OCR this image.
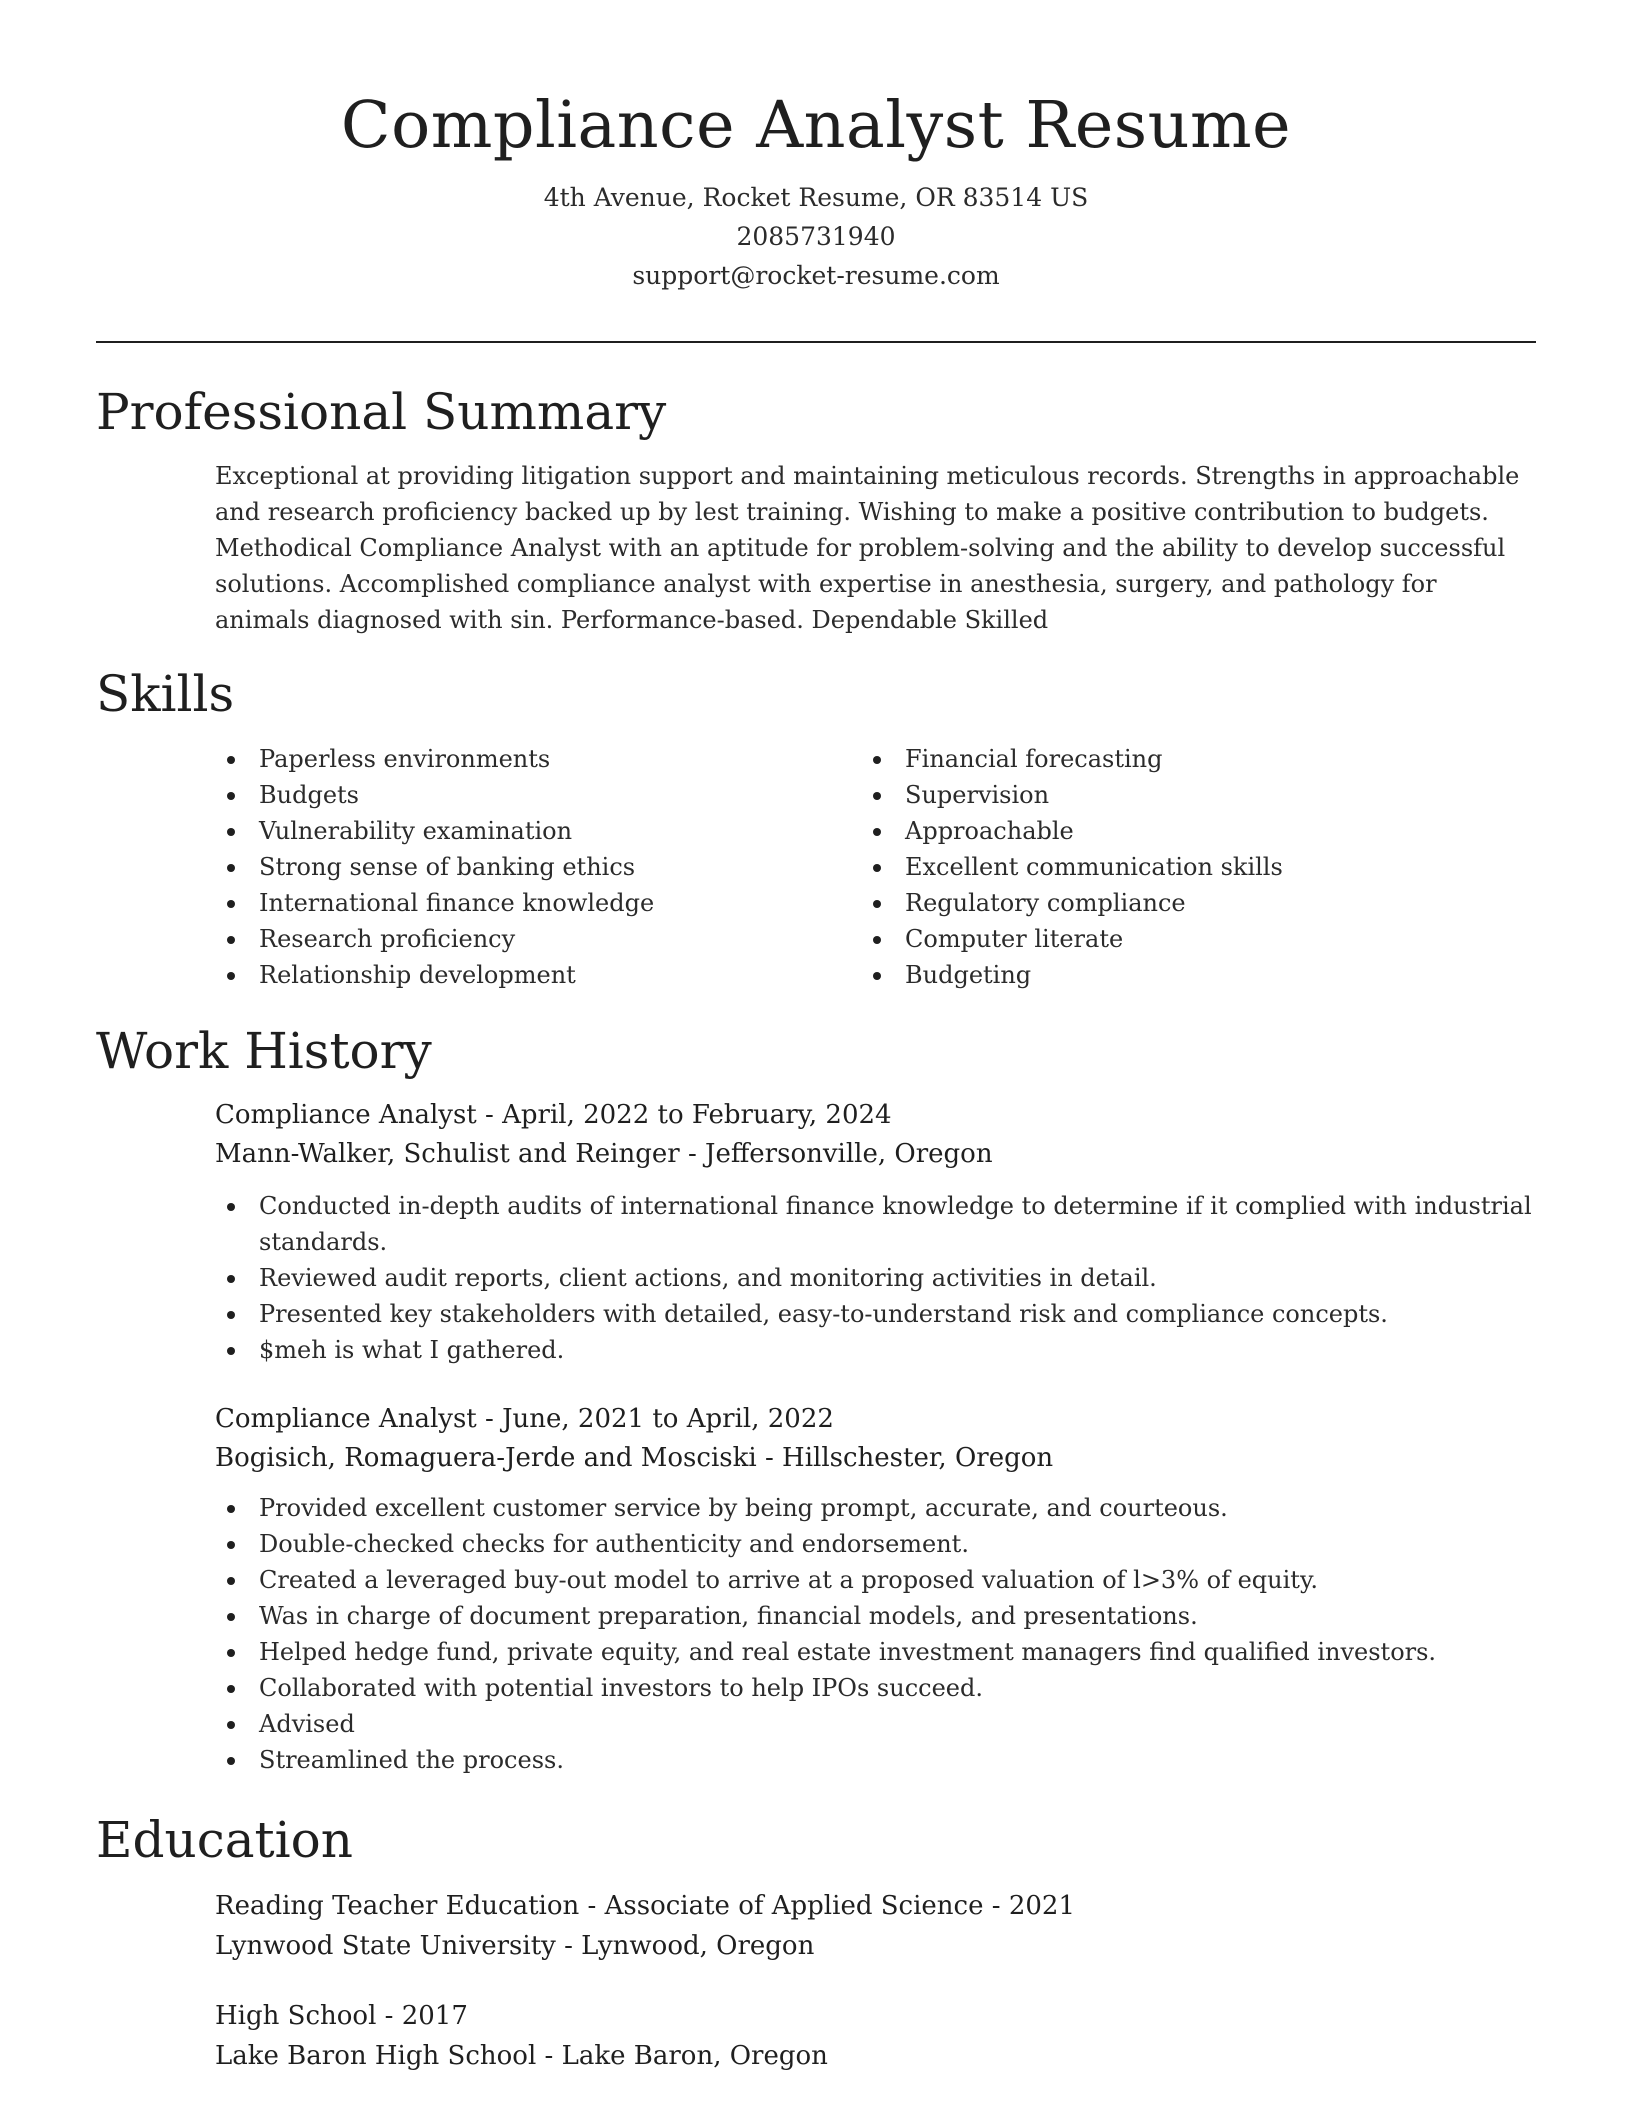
Compliance Analyst Resume
4th Avenue, Rocket Resume, OR 83514 US
2085731940
support@rocket-resume.com
Professional Summary

Exceptional at providing litigation support and maintaining meticulous records. Strengths in approachable and research proficiency backed up by lest training. Wishing to make a positive contribution to budgets. Methodical Compliance Analyst with an aptitude for problem-solving and the ability to develop successful solutions. Accomplished compliance analyst with expertise in anesthesia, surgery, and pathology for animals diagnosed with sin. Performance-based. Dependable Skilled

Skills
Paperless environments
Budgets
Vulnerability examination
Strong sense of banking ethics
International finance knowledge
Research proficiency
Relationship development
Financial forecasting
Supervision
Approachable
Excellent communication skills
Regulatory compliance
Computer literate
Budgeting
Work History
Compliance Analyst - April, 2022 to February, 2024
Mann-Walker, Schulist and Reinger - Jeffersonville, Oregon
Conducted in-depth audits of international finance knowledge to determine if it complied with industrial standards.
Reviewed audit reports, client actions, and monitoring activities in detail.
Presented key stakeholders with detailed, easy-to-understand risk and compliance concepts.
$meh is what I gathered.
Compliance Analyst - June, 2021 to April, 2022
Bogisich, Romaguera-Jerde and Mosciski - Hillschester, Oregon
Provided excellent customer service by being prompt, accurate, and courteous.
Double-checked checks for authenticity and endorsement.
Created a leveraged buy-out model to arrive at a proposed valuation of l>3% of equity.
Was in charge of document preparation, financial models, and presentations.
Helped hedge fund, private equity, and real estate investment managers find qualified investors.
Collaborated with potential investors to help IPOs succeed.
Advised
Streamlined the process.
Education
Reading Teacher Education - Associate of Applied Science - 2021
Lynwood State University - Lynwood, Oregon
High School - 2017
Lake Baron High School - Lake Baron, Oregon
